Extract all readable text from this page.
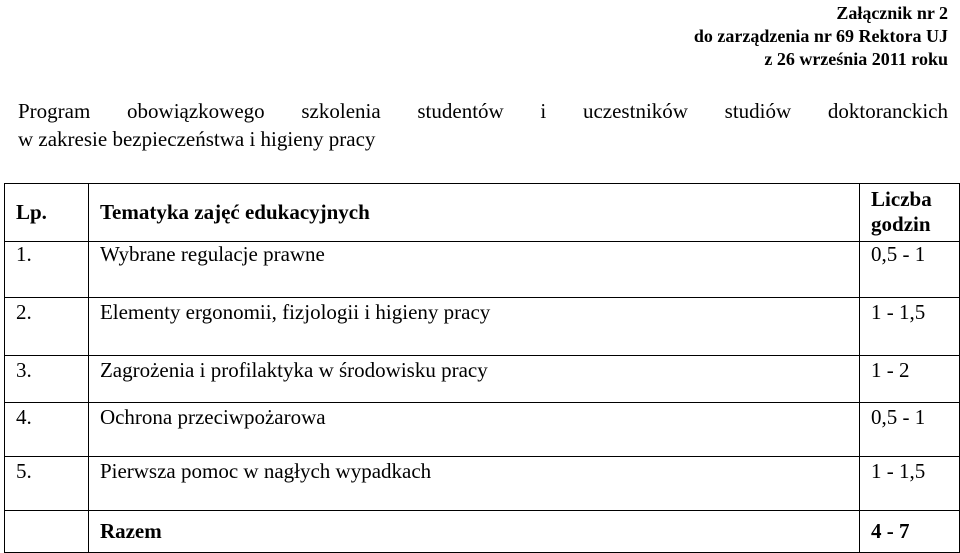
Załącznik nr 2
do zarządzenia nr 69 Rektora UJ
z 26 września 2011 roku
Program obowiązkowego szkolenia studentów i uczestników studiów doktoranckich
w zakresie bezpieczeństwa i higieny pracy
Lp.	Tematyka zajęć edukacyjnych	Liczba
godzin

1.	Wybrane regulacje prawne	0,5 - 1
2.	Elementy ergonomii, fizjologii i higieny pracy	1 - 1,5
3.	Zagrożenia i profilaktyka w środowisku pracy	1 - 2
4.	Ochrona przeciwpożarowa	0,5 - 1
5.	Pierwsza pomoc w nagłych wypadkach	1 - 1,5
	Razem	4 - 7
